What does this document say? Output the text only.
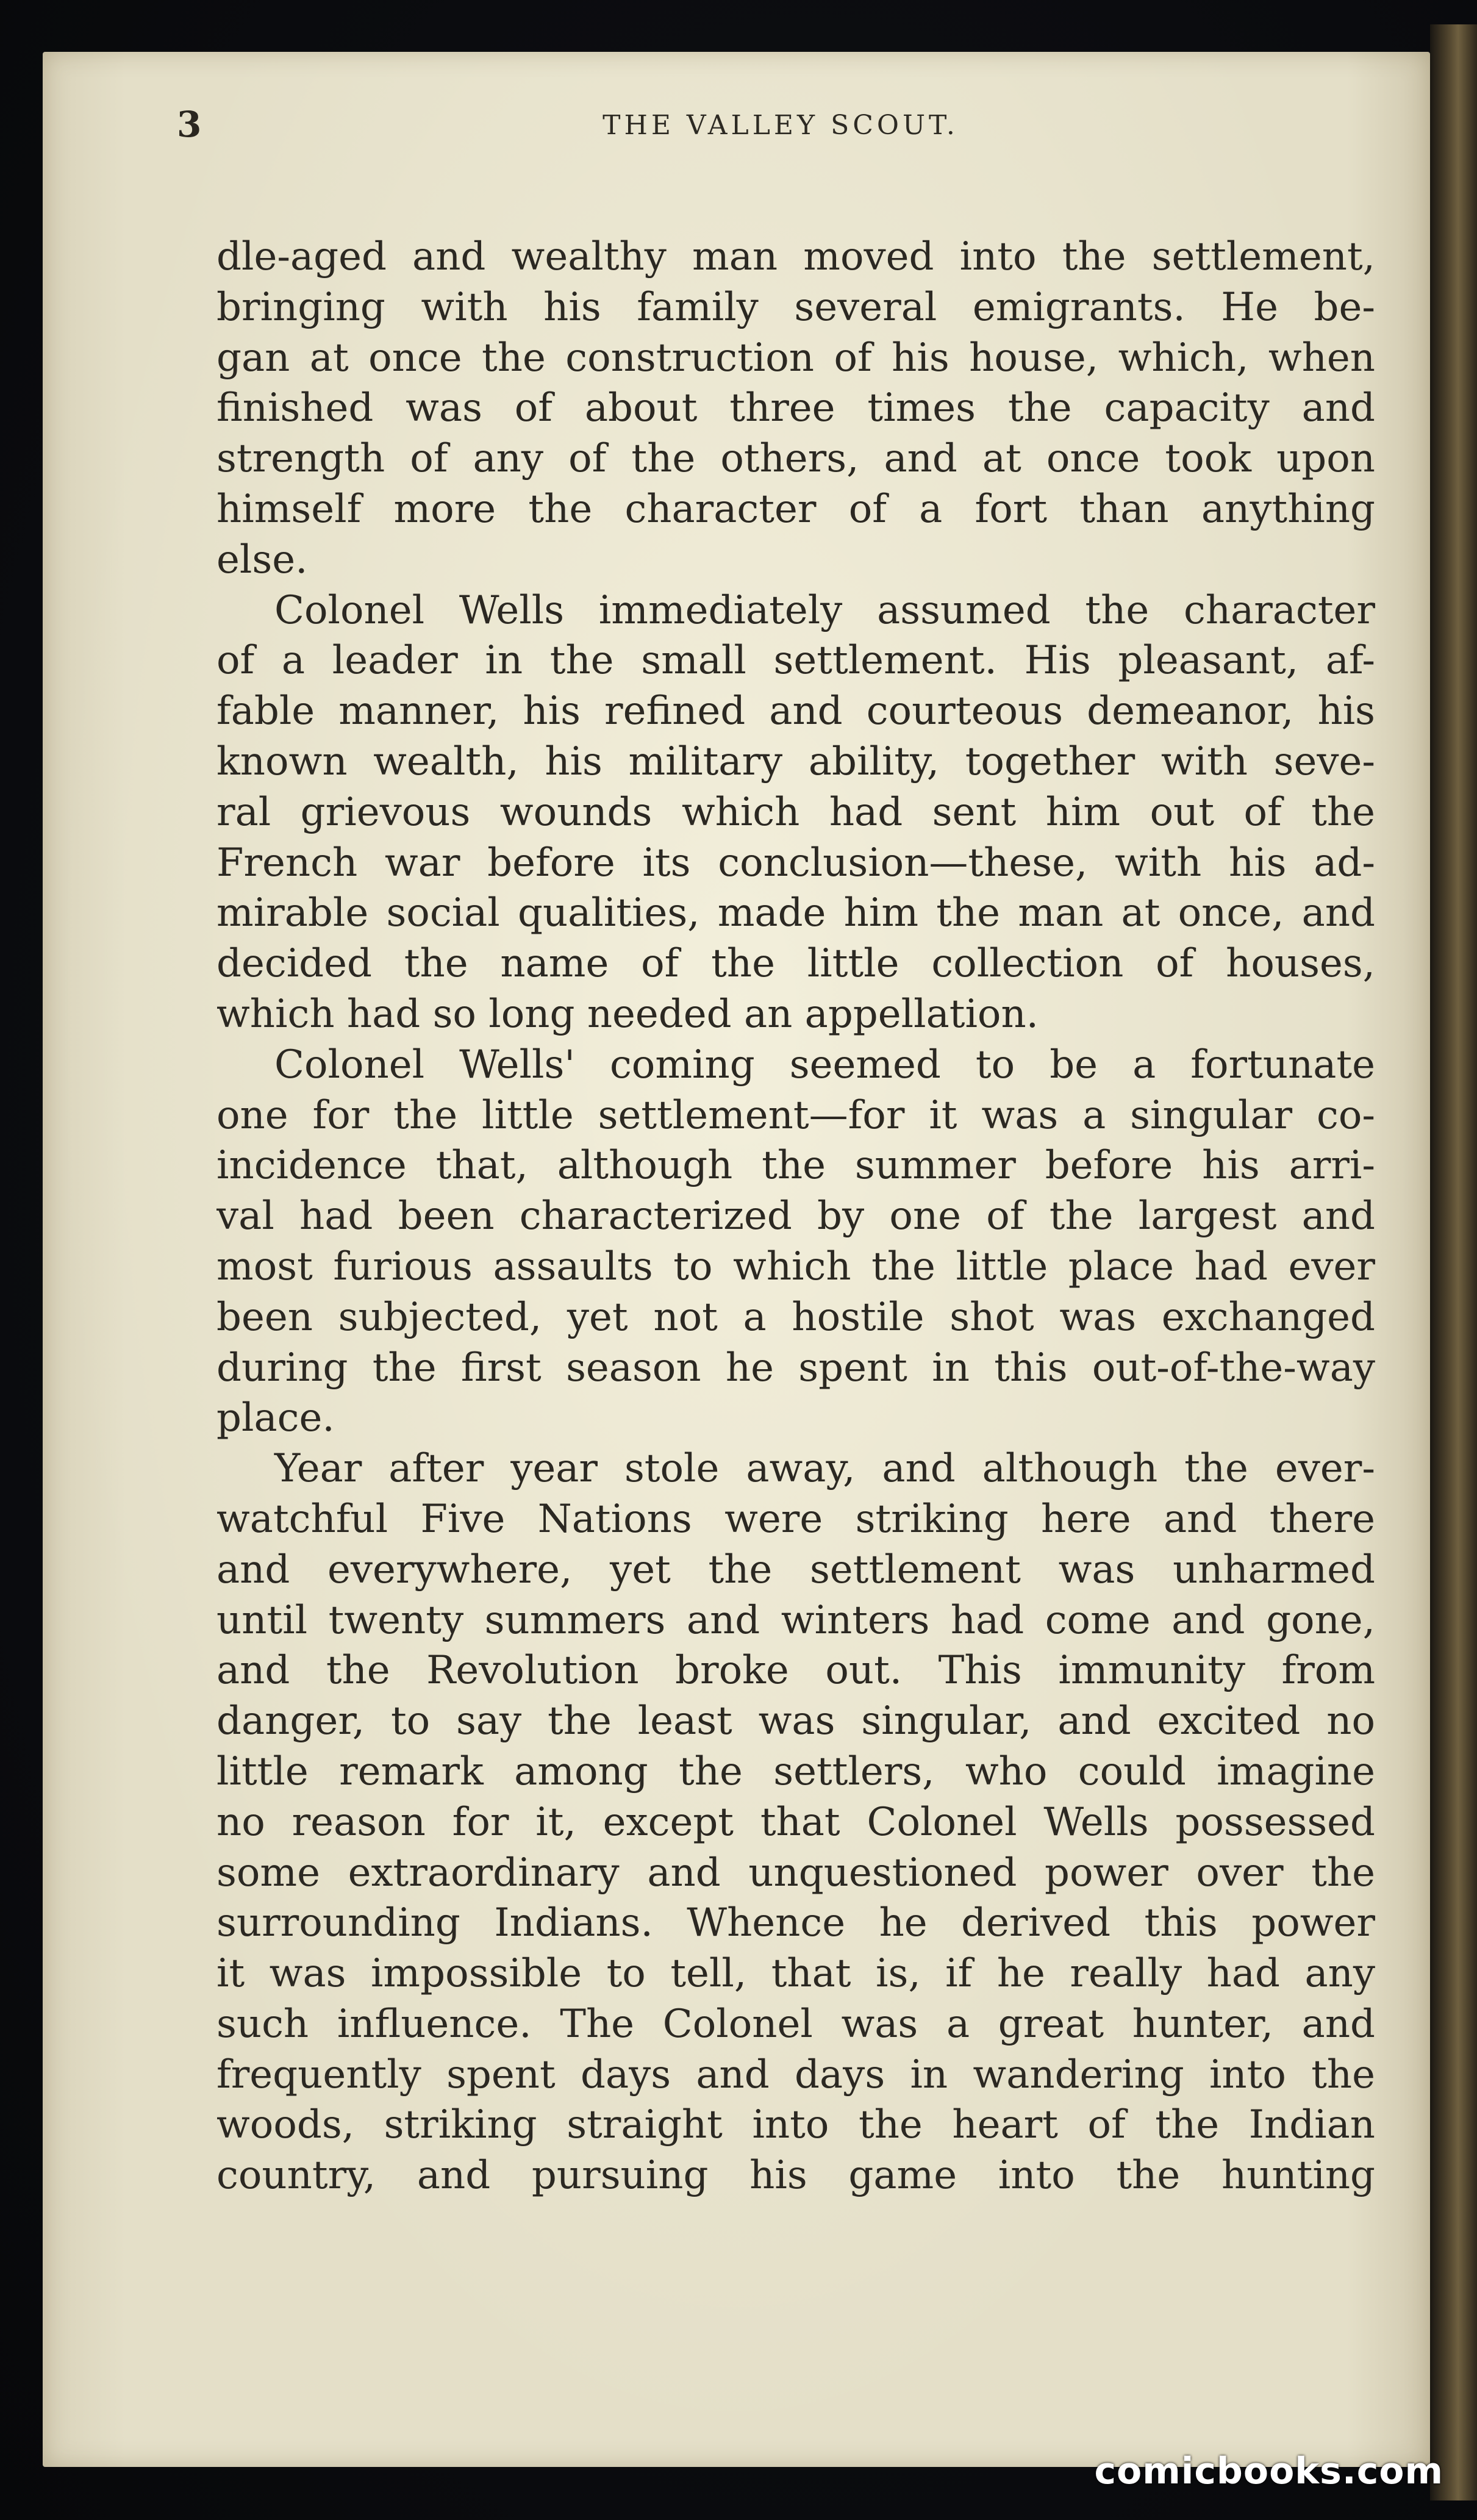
3	THE VALLEY SCOUT.
dle-aged and wealthy man moved into the settlement,
bringing with his family several emigrants. He be-
gan at once the construction of his house, which, when
finished was of about three times the capacity and
strength of any of the others, and at once took upon
himself more the character of a fort than anything
else.
Colonel Wells immediately assumed the character
of a leader in the small settlement. His pleasant, af-
fable manner, his refined and courteous demeanor, his
known wealth, his military ability, together with seve-
ral grievous wounds which had sent him out of the
French war before its conclusion—these, with his ad-
mirable social qualities, made him the man at once, and
decided the name of the little collection of houses,
which had so long needed an appellation.
Colonel Wells' coming seemed to be a fortunate
one for the little settlement—for it was a singular co-
incidence that, although the summer before his arri-
val had been characterized by one of the largest and
most furious assaults to which the little place had ever
been subjected, yet not a hostile shot was exchanged
during the first season he spent in this out-of-the-way
place.
Year after year stole away, and although the ever-
watchful Five Nations were striking here and there
and everywhere, yet the settlement was unharmed
until twenty summers and winters had come and gone,
and the Revolution broke out. This immunity from
danger, to say the least was singular, and excited no
little remark among the settlers, who could imagine
no reason for it, except that Colonel Wells possessed
some extraordinary and unquestioned power over the
surrounding Indians. Whence he derived this power
it was impossible to tell, that is, if he really had any
such influence. The Colonel was a great hunter, and
frequently spent days and days in wandering into the
woods, striking straight into the heart of the Indian
country, and pursuing his game into the hunting
comicbooks.com
